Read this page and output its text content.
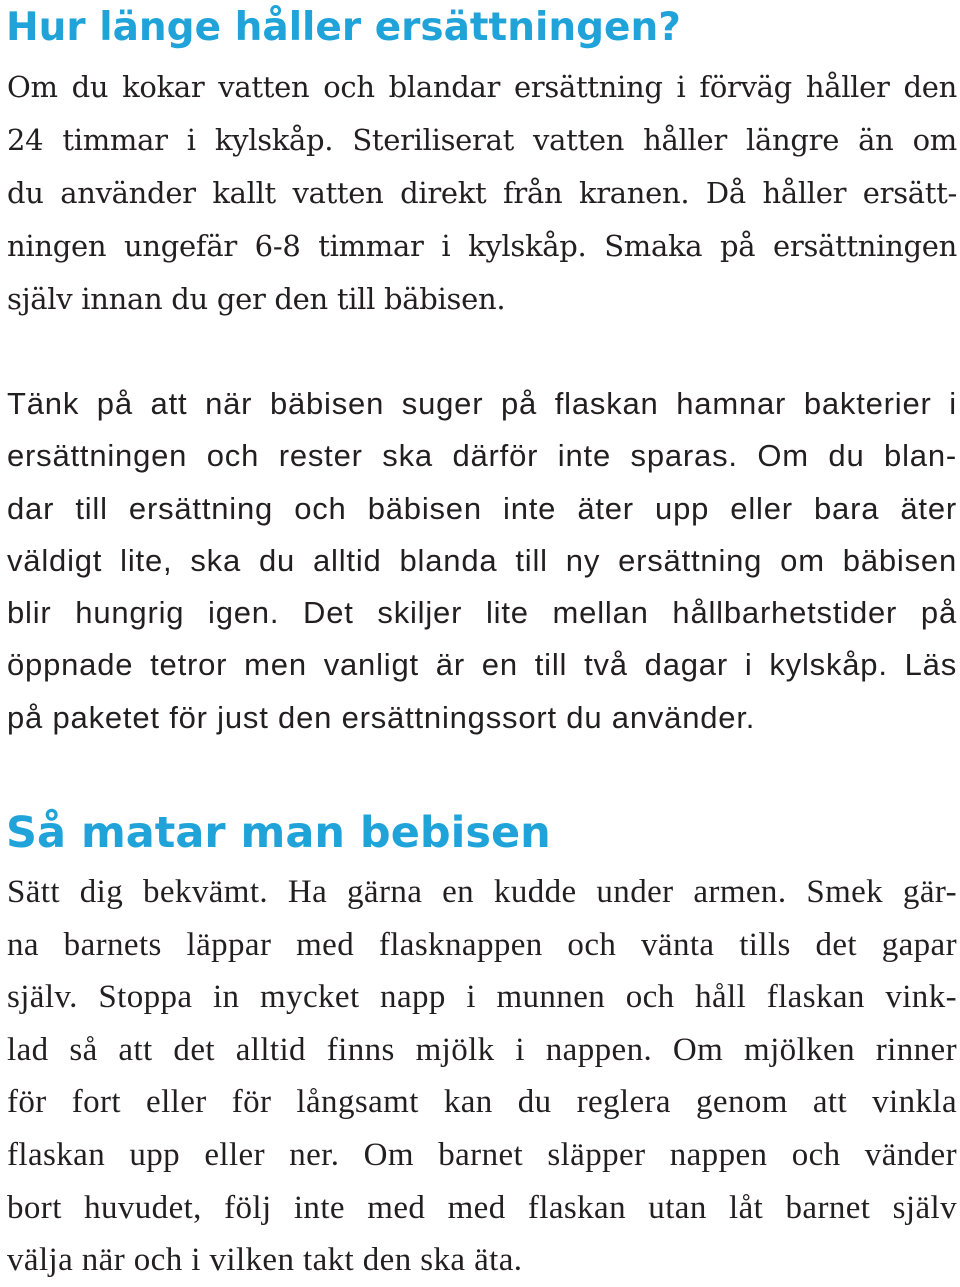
Hur länge håller ersättningen?

Om du kokar vatten och blandar ersättning i förväg håller den
24 timmar i kylskåp. Steriliserat vatten håller längre än om
du använder kallt vatten direkt från kranen. Då håller ersätt-
ningen ungefär 6-8 timmar i kylskåp. Smaka på ersättningen
själv innan du ger den till bäbisen.

Tänk på att när bäbisen suger på flaskan hamnar bakterier i
ersättningen och rester ska därför inte sparas. Om du blan-
dar till ersättning och bäbisen inte äter upp eller bara äter
väldigt lite, ska du alltid blanda till ny ersättning om bäbisen
blir hungrig igen. Det skiljer lite mellan hållbarhetstider på
öppnade tetror men vanligt är en till två dagar i kylskåp. Läs
på paketet för just den ersättningssort du använder.

Så matar man bebisen

Sätt dig bekvämt. Ha gärna en kudde under armen. Smek gär-
na barnets läppar med flasknappen och vänta tills det gapar
själv. Stoppa in mycket napp i munnen och håll flaskan vink-
lad så att det alltid finns mjölk i nappen. Om mjölken rinner
för fort eller för långsamt kan du reglera genom att vinkla
flaskan upp eller ner. Om barnet släpper nappen och vänder
bort huvudet, följ inte med med flaskan utan låt barnet själv
välja när och i vilken takt den ska äta.
